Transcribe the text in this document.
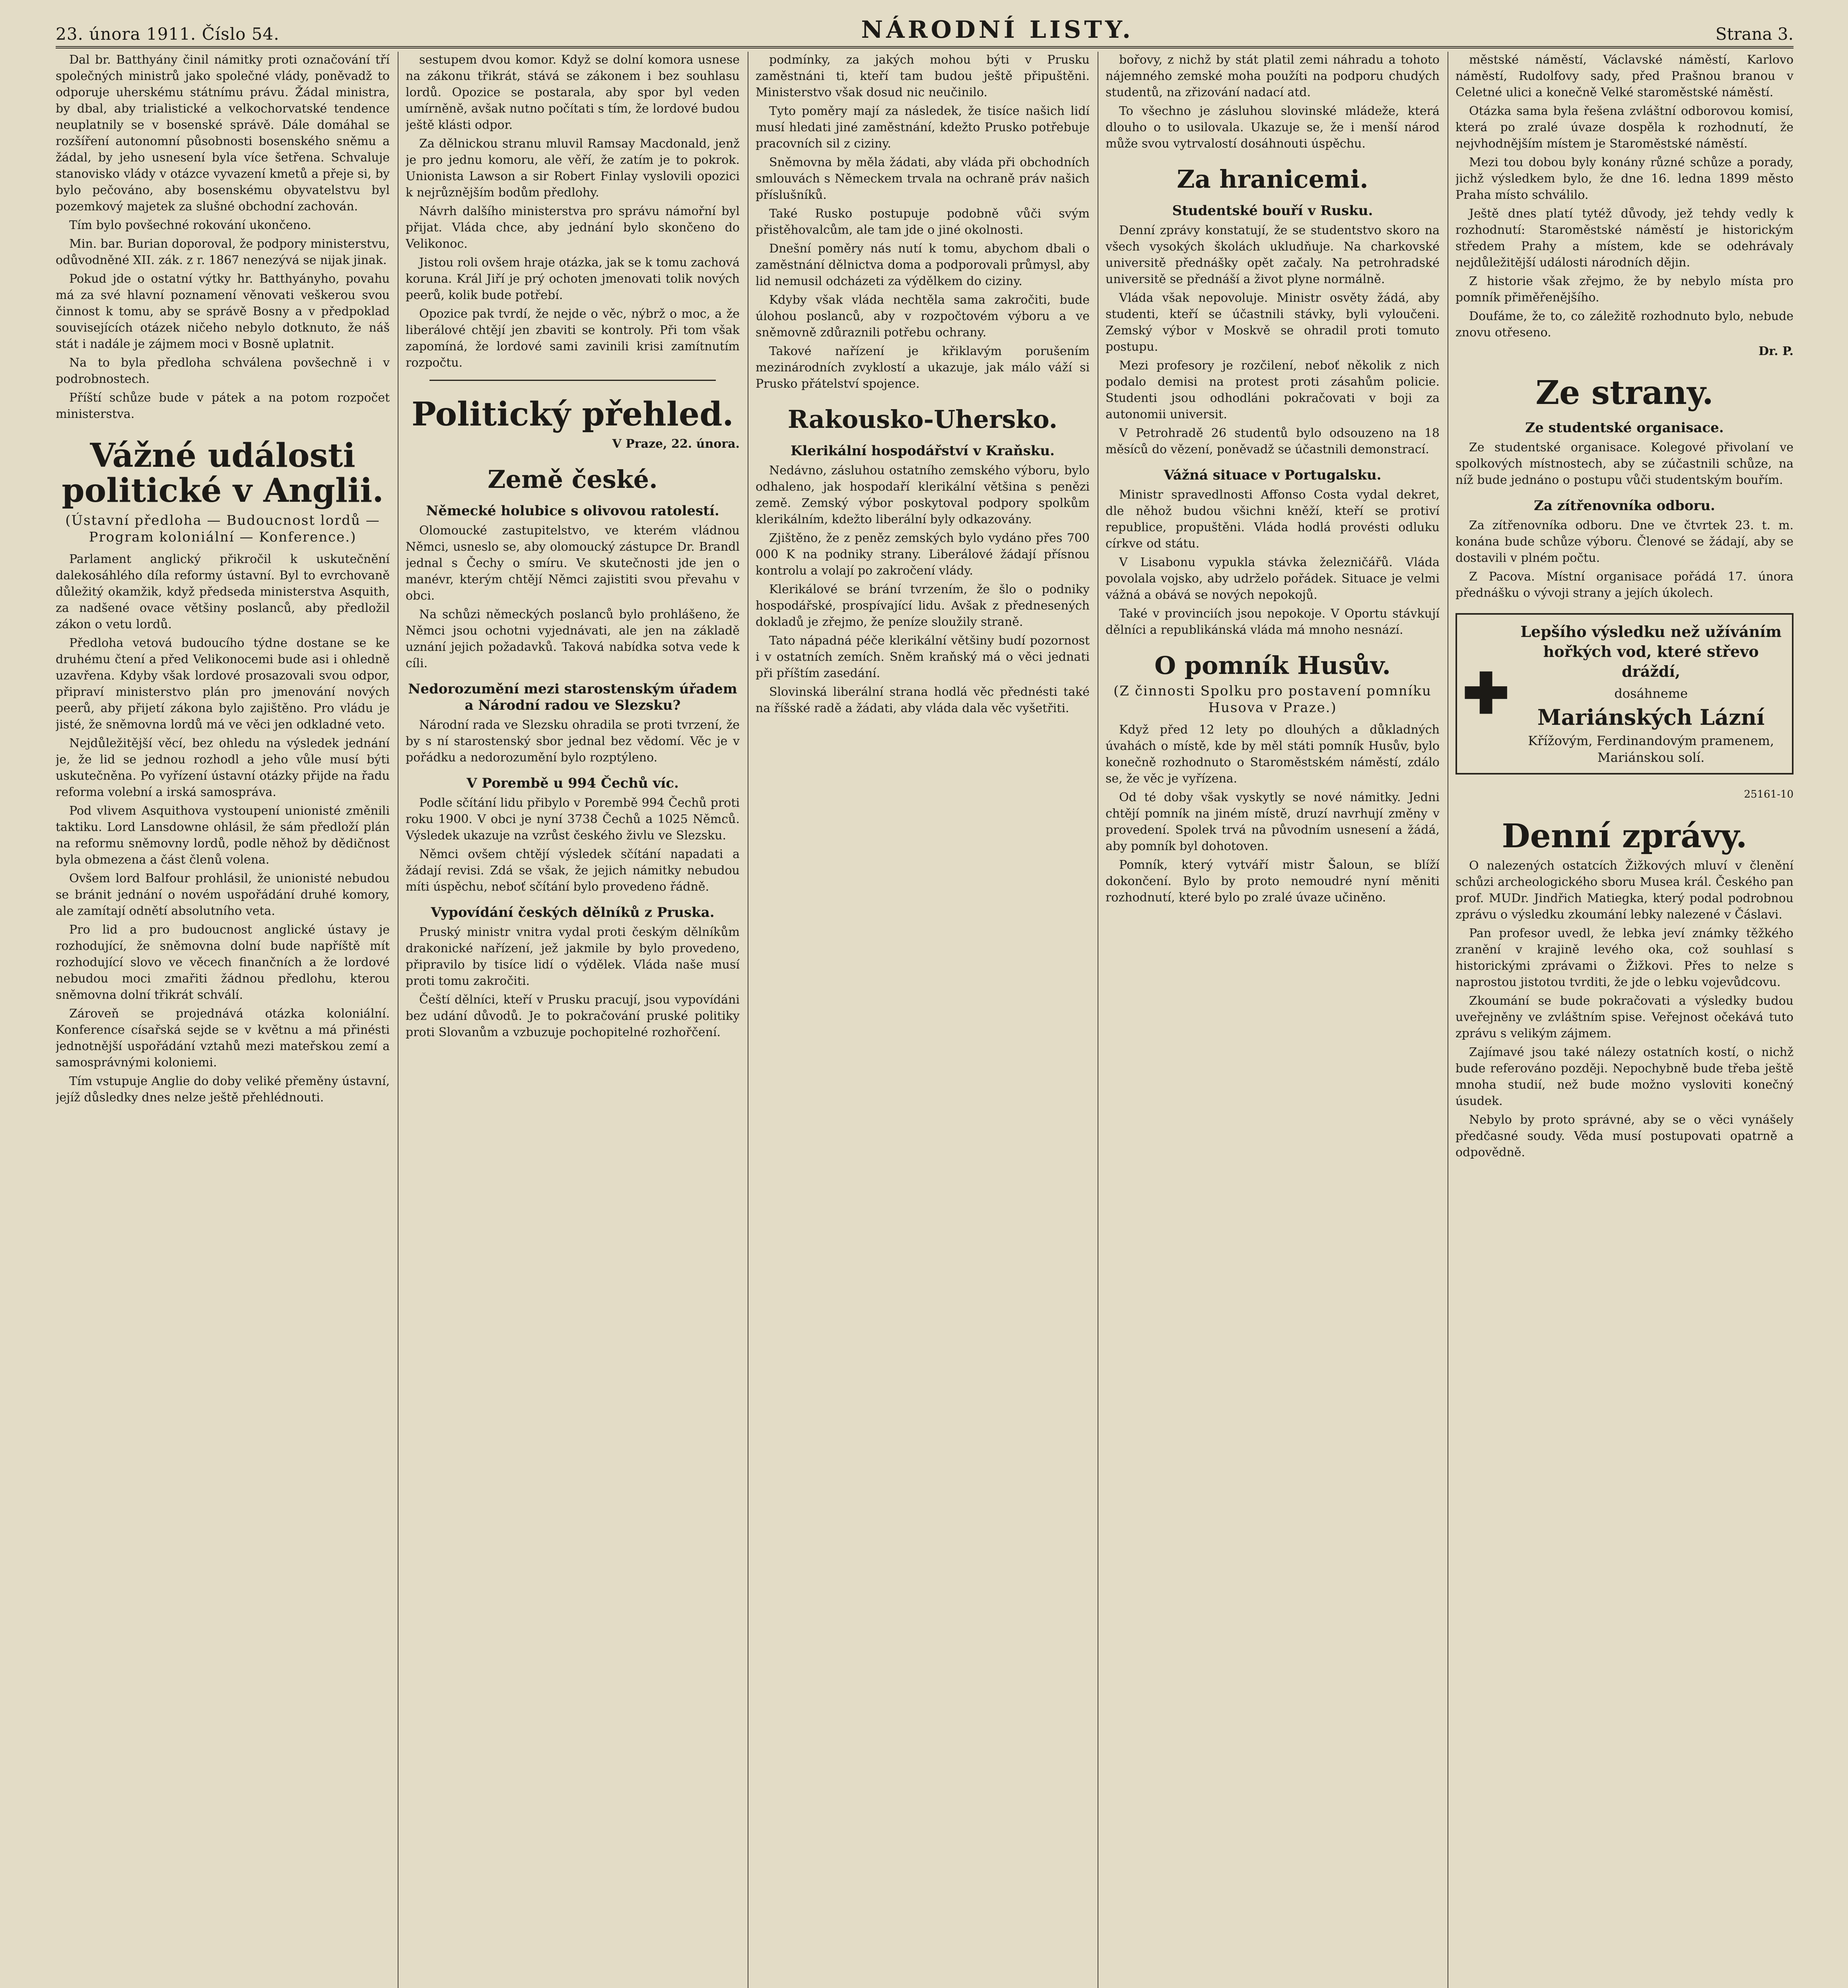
23. února 1911. Číslo 54.	NÁRODNÍ LISTY.	Strana 3.

Dal br. Batthyány činil námitky proti označování tří společných ministrů jako společné vlády, poněvadž to odporuje uherskému státnímu právu. Žádal ministra, by dbal, aby trialistické a velkochorvatské tendence neuplatnily se v bosenské správě. Dále domáhal se rozšíření autonomní působnosti bosenského sněmu a žádal, by jeho usnesení byla více šetřena. Schvaluje stanovisko vlády v otázce vyvazení kmetů a přeje si, by bylo pečováno, aby bosenskému obyvatelstvu byl pozemkový majetek za slušné obchodní zachován.

Tím bylo povšechné rokování ukončeno.

Min. bar. Burian doporoval, že podpory ministerstvu, odůvodněné XII. zák. z r. 1867 nenezývá se nijak jinak.

Pokud jde o ostatní výtky hr. Batthyányho, povahu má za své hlavní poznamení věnovati veškerou svou činnost k tomu, aby se správě Bosny a v předpoklad souvisejících otázek ničeho nebylo dotknuto, že náš stát i nadále je zájmem moci v Bosně uplatnit.

Na to byla předloha schválena povšechně i v podrobnostech.

Příští schůze bude v pátek a na potom rozpočet ministerstva.

Vážné události politické v Anglii.
(Ústavní předloha — Budoucnost lordů — Program koloniální — Konference.)

Parlament anglický přikročil k uskutečnění dalekosáhlého díla reformy ústavní. Byl to evrchovaně důležitý okamžik, když předseda ministerstva Asquith, za nadšené ovace většiny poslanců, aby předložil zákon o vetu lordů.

Předloha vetová budoucího týdne dostane se ke druhému čtení a před Velikonocemi bude asi i ohledně uzavřena. Kdyby však lordové prosazovali svou odpor, připraví ministerstvo plán pro jmenování nových peerů, aby přijetí zákona bylo zajištěno. Pro vládu je jisté, že sněmovna lordů má ve věci jen odkladné veto.

Nejdůležitější věcí, bez ohledu na výsledek jednání je, že lid se jednou rozhodl a jeho vůle musí býti uskutečněna. Po vyřízení ústavní otázky přijde na řadu reforma volební a irská samospráva.

Pod vlivem Asquithova vystoupení unionisté změnili taktiku. Lord Lansdowne ohlásil, že sám předloží plán na reformu sněmovny lordů, podle něhož by dědičnost byla obmezena a část členů volena.

Ovšem lord Balfour prohlásil, že unionisté nebudou se bránit jednání o novém uspořádání druhé komory, ale zamítají odnětí absolutního veta.

Pro lid a pro budoucnost anglické ústavy je rozhodující, že sněmovna dolní bude napříště mít rozhodující slovo ve věcech finančních a že lordové nebudou moci zmařiti žádnou předlohu, kterou sněmovna dolní třikrát schválí.

Zároveň se projednává otázka koloniální. Konference císařská sejde se v květnu a má přinésti jednotnější uspořádání vztahů mezi mateřskou zemí a samosprávnými koloniemi.

Tím vstupuje Anglie do doby veliké přeměny ústavní, jejíž důsledky dnes nelze ještě přehlédnouti.

sestupem dvou komor. Když se dolní komora usnese na zákonu třikrát, stává se zákonem i bez souhlasu lordů. Opozice se postarala, aby spor byl veden umírněně, avšak nutno počítati s tím, že lordové budou ještě klásti odpor.

Za dělnickou stranu mluvil Ramsay Macdonald, jenž je pro jednu komoru, ale věří, že zatím je to pokrok. Unionista Lawson a sir Robert Finlay vyslovili opozici k nejrůznějším bodům předlohy.

Návrh dalšího ministerstva pro správu námořní byl přijat. Vláda chce, aby jednání bylo skončeno do Velikonoc.

Jistou roli ovšem hraje otázka, jak se k tomu zachová koruna. Král Jiří je prý ochoten jmenovati tolik nových peerů, kolik bude potřebí.

Opozice pak tvrdí, že nejde o věc, nýbrž o moc, a že liberálové chtějí jen zbaviti se kontroly. Při tom však zapomíná, že lordové sami zavinili krisi zamítnutím rozpočtu.

Politický přehled.
V Praze, 22. února.
Země české.
Německé holubice s olivovou ratolestí.

Olomoucké zastupitelstvo, ve kterém vládnou Němci, usneslo se, aby olomoucký zástupce Dr. Brandl jednal s Čechy o smíru. Ve skutečnosti jde jen o manévr, kterým chtějí Němci zajistiti svou převahu v obci.

Na schůzi německých poslanců bylo prohlášeno, že Němci jsou ochotni vyjednávati, ale jen na základě uznání jejich požadavků. Taková nabídka sotva vede k cíli.

Nedorozumění mezi starostenským úřadem a Národní radou ve Slezsku?

Národní rada ve Slezsku ohradila se proti tvrzení, že by s ní starostenský sbor jednal bez vědomí. Věc je v pořádku a nedorozumění bylo rozptýleno.

V Porembě u 994 Čechů víc.

Podle sčítání lidu přibylo v Porembě 994 Čechů proti roku 1900. V obci je nyní 3738 Čechů a 1025 Němců. Výsledek ukazuje na vzrůst českého živlu ve Slezsku.

Němci ovšem chtějí výsledek sčítání napadati a žádají revisi. Zdá se však, že jejich námitky nebudou míti úspěchu, neboť sčítání bylo provedeno řádně.

Vypovídání českých dělníků z Pruska.

Pruský ministr vnitra vydal proti českým dělníkům drakonické nařízení, jež jakmile by bylo provedeno, připravilo by tisíce lidí o výdělek. Vláda naše musí proti tomu zakročiti.

Čeští dělníci, kteří v Prusku pracují, jsou vypovídáni bez udání důvodů. Je to pokračování pruské politiky proti Slovanům a vzbuzuje pochopitelné rozhořčení.

podmínky, za jakých mohou býti v Prusku zaměstnáni ti, kteří tam budou ještě připuštěni. Ministerstvo však dosud nic neučinilo.

Tyto poměry mají za následek, že tisíce našich lidí musí hledati jiné zaměstnání, kdežto Prusko potřebuje pracovních sil z ciziny.

Sněmovna by měla žádati, aby vláda při obchodních smlouvách s Německem trvala na ochraně práv našich příslušníků.

Také Rusko postupuje podobně vůči svým přistěhovalcům, ale tam jde o jiné okolnosti.

Dnešní poměry nás nutí k tomu, abychom dbali o zaměstnání dělnictva doma a podporovali průmysl, aby lid nemusil odcházeti za výdělkem do ciziny.

Kdyby však vláda nechtěla sama zakročiti, bude úlohou poslanců, aby v rozpočtovém výboru a ve sněmovně zdůraznili potřebu ochrany.

Takové nařízení je křiklavým porušením mezinárodních zvyklostí a ukazuje, jak málo váží si Prusko přátelství spojence.

Rakousko-Uhersko.
Klerikální hospodářství v Kraňsku.

Nedávno, zásluhou ostatního zemského výboru, bylo odhaleno, jak hospodaří klerikální většina s penězi země. Zemský výbor poskytoval podpory spolkům klerikálním, kdežto liberální byly odkazovány.

Zjištěno, že z peněz zemských bylo vydáno přes 700 000 K na podniky strany. Liberálové žádají přísnou kontrolu a volají po zakročení vlády.

Klerikálové se brání tvrzením, že šlo o podniky hospodářské, prospívající lidu. Avšak z přednesených dokladů je zřejmo, že peníze sloužily straně.

Tato nápadná péče klerikální většiny budí pozornost i v ostatních zemích. Sněm kraňský má o věci jednati při příštím zasedání.

Slovinská liberální strana hodlá věc přednésti také na říšské radě a žádati, aby vláda dala věc vyšetřiti.

bořovy, z nichž by stát platil zemi náhradu a tohoto nájemného zemské moha použíti na podporu chudých studentů, na zřizování nadací atd.

To všechno je zásluhou slovinské mládeže, která dlouho o to usilovala. Ukazuje se, že i menší národ může svou vytrvalostí dosáhnouti úspěchu.

Za hranicemi.
Studentské bouří v Rusku.

Denní zprávy konstatují, že se studentstvo skoro na všech vysokých školách ukludňuje. Na charkovské universitě přednášky opět začaly. Na petrohradské universitě se přednáší a život plyne normálně.

Vláda však nepovoluje. Ministr osvěty žádá, aby studenti, kteří se účastnili stávky, byli vyloučeni. Zemský výbor v Moskvě se ohradil proti tomuto postupu.

Mezi profesory je rozčilení, neboť několik z nich podalo demisi na protest proti zásahům policie. Studenti jsou odhodláni pokračovati v boji za autonomii universit.

V Petrohradě 26 studentů bylo odsouzeno na 18 měsíců do vězení, poněvadž se účastnili demonstrací.

Vážná situace v Portugalsku.

Ministr spravedlnosti Affonso Costa vydal dekret, dle něhož budou všichni kněží, kteří se protiví republice, propuštěni. Vláda hodlá provésti odluku církve od státu.

V Lisabonu vypukla stávka železničářů. Vláda povolala vojsko, aby udrželo pořádek. Situace je velmi vážná a obává se nových nepokojů.

Také v provinciích jsou nepokoje. V Oportu stávkují dělníci a republikánská vláda má mnoho nesnází.

O pomník Husův.
(Z činnosti Spolku pro postavení pomníku Husova v Praze.)

Když před 12 lety po dlouhých a důkladných úvahách o místě, kde by měl státi pomník Husův, bylo konečně rozhodnuto o Staroměstském náměstí, zdálo se, že věc je vyřízena.

Od té doby však vyskytly se nové námitky. Jedni chtějí pomník na jiném místě, druzí navrhují změny v provedení. Spolek trvá na původním usnesení a žádá, aby pomník byl dohotoven.

Pomník, který vytváří mistr Šaloun, se blíží dokončení. Bylo by proto nemoudré nyní měniti rozhodnutí, které bylo po zralé úvaze učiněno.

městské náměstí, Václavské náměstí, Karlovo náměstí, Rudolfovy sady, před Prašnou branou v Celetné ulici a konečně Velké staroměstské náměstí.

Otázka sama byla řešena zvláštní odborovou komisí, která po zralé úvaze dospěla k rozhodnutí, že nejvhodnějším místem je Staroměstské náměstí.

Mezi tou dobou byly konány různé schůze a porady, jichž výsledkem bylo, že dne 16. ledna 1899 město Praha místo schválilo.

Ještě dnes platí tytéž důvody, jež tehdy vedly k rozhodnutí: Staroměstské náměstí je historickým středem Prahy a místem, kde se odehrávaly nejdůležitější události národních dějin.

Z historie však zřejmo, že by nebylo místa pro pomník přiměřenějšího.

Doufáme, že to, co záležitě rozhodnuto bylo, nebude znovu otřeseno.

Dr. P.
Ze strany.
Ze studentské organisace.

Ze studentské organisace. Kolegové přivolaní ve spolkových místnostech, aby se zúčastnili schůze, na níž bude jednáno o postupu vůči studentským bouřím.

Za zítřenovníka odboru.

Za zítřenovníka odboru. Dne ve čtvrtek 23. t. m. konána bude schůze výboru. Členové se žádají, aby se dostavili v plném počtu.

Z Pacova. Místní organisace pořádá 17. února přednášku o vývoji strany a jejích úkolech.

✚
Lepšího výsledku než užíváním hořkých vod, které střevo dráždí,
dosáhneme
Mariánských Lázní
Křížovým, Ferdinandovým pramenem, Mariánskou solí.
25161-10
Denní zprávy.

O nalezených ostatcích Žižkových mluví v členění schůzi archeologického sboru Musea král. Českého pan prof. MUDr. Jindřich Matiegka, který podal podrobnou zprávu o výsledku zkoumání lebky nalezené v Čáslavi.

Pan profesor uvedl, že lebka jeví známky těžkého zranění v krajině levého oka, což souhlasí s historickými zprávami o Žižkovi. Přes to nelze s naprostou jistotou tvrditi, že jde o lebku vojevůdcovu.

Zkoumání se bude pokračovati a výsledky budou uveřejněny ve zvláštním spise. Veřejnost očekává tuto zprávu s velikým zájmem.

Zajímavé jsou také nálezy ostatních kostí, o nichž bude referováno později. Nepochybně bude třeba ještě mnoha studií, než bude možno vysloviti konečný úsudek.

Nebylo by proto správné, aby se o věci vynášely předčasné soudy. Věda musí postupovati opatrně a odpovědně.
